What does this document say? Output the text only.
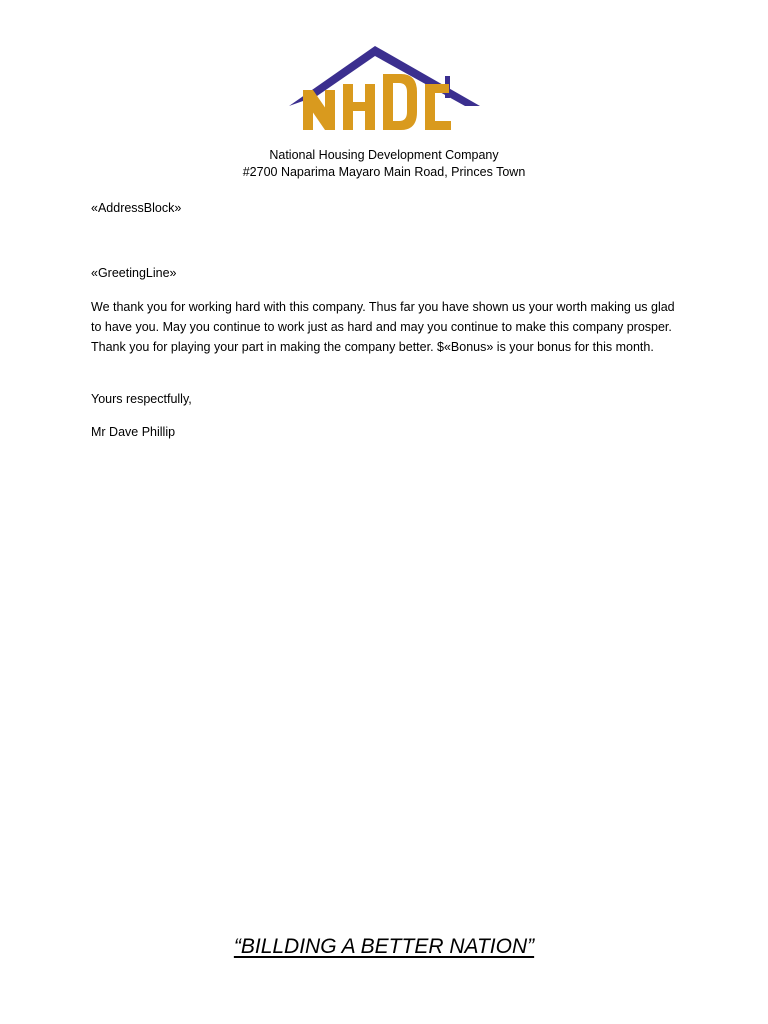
National Housing Development Company
#2700 Naparima Mayaro Main Road, Princes Town
«AddressBlock»
«GreetingLine»

We thank you for working hard with this company. Thus far you have shown us your worth making us glad to have you. May you continue to work just as hard and may you continue to make this company prosper. Thank you for playing your part in making the company better. $«Bonus» is your bonus for this month.

Yours respectfully,
Mr Dave Phillip
“BILLDING A BETTER NATION”
